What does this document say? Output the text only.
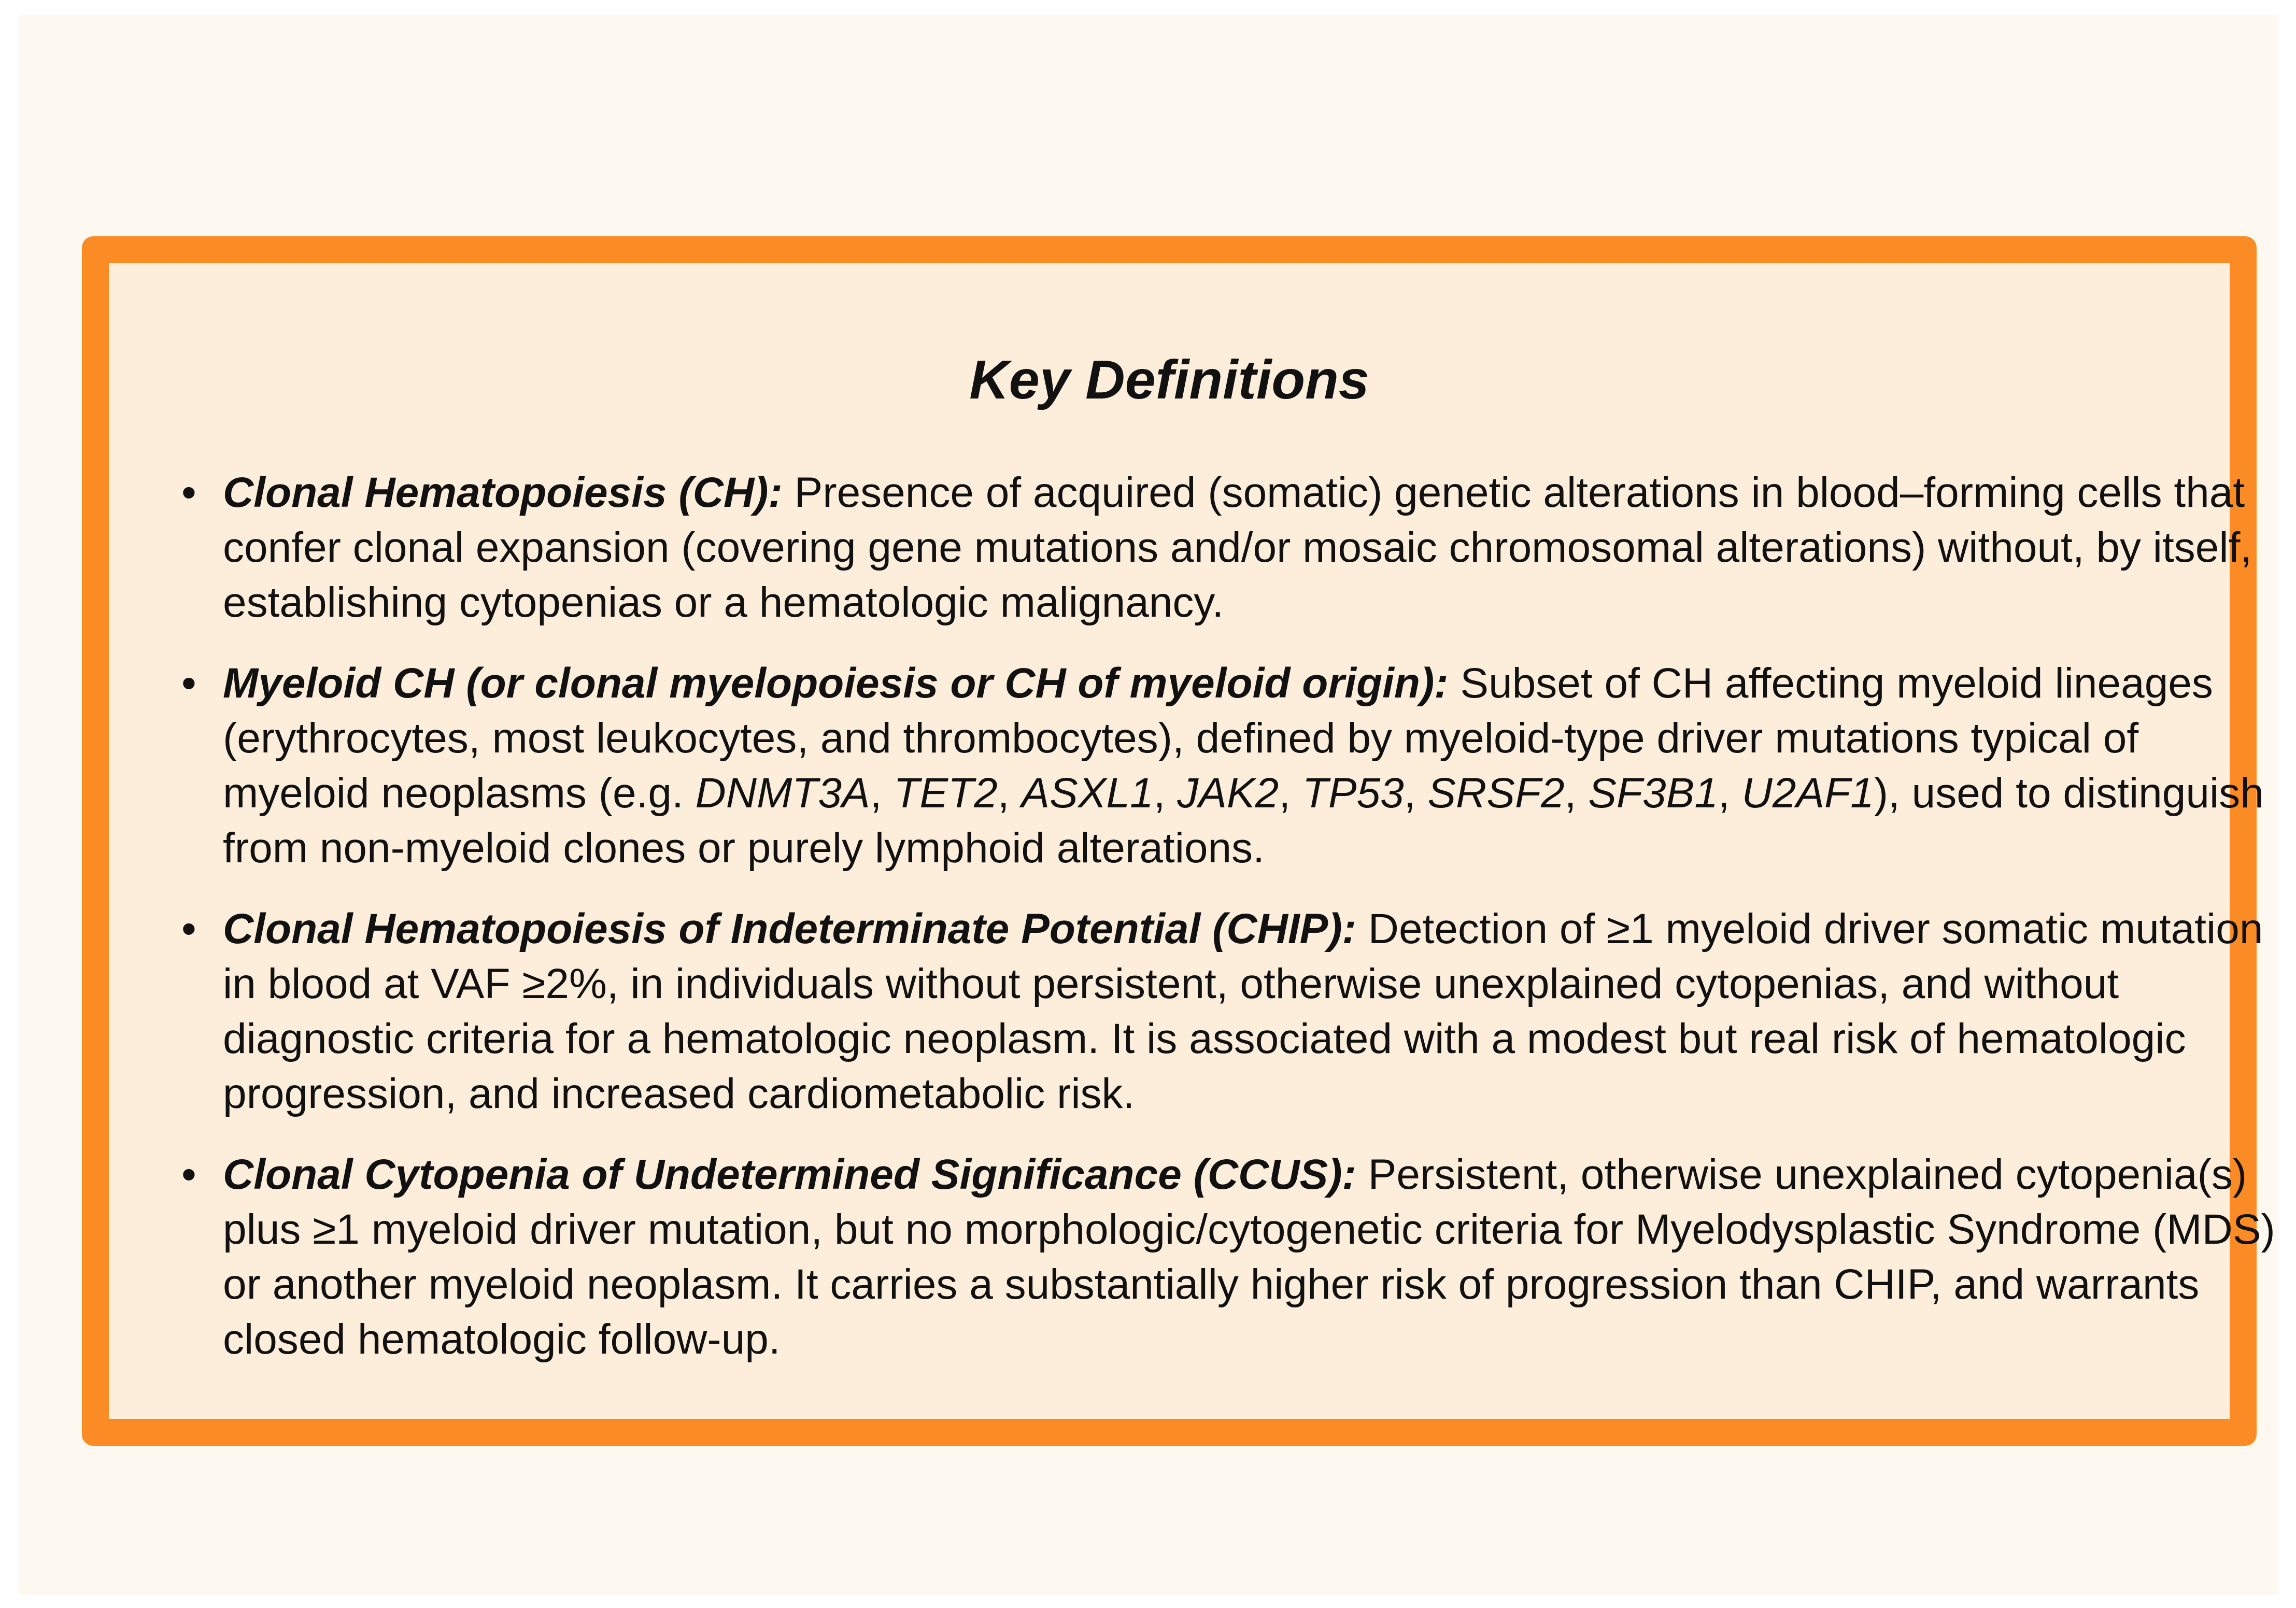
Key Definitions
• Clonal Hematopoiesis (CH): Presence of acquired (somatic) genetic alterations in blood–forming cells that confer clonal expansion (covering gene mutations and/or mosaic chromosomal alterations) without, by itself, establishing cytopenias or a hematologic malignancy.
• Myeloid CH (or clonal myelopoiesis or CH of myeloid origin): Subset of CH affecting myeloid lineages (erythrocytes, most leukocytes, and thrombocytes), defined by myeloid-type driver mutations typical of myeloid neoplasms (e.g. DNMT3A, TET2, ASXL1, JAK2, TP53, SRSF2, SF3B1, U2AF1), used to distinguish from non-myeloid clones or purely lymphoid alterations.
• Clonal Hematopoiesis of Indeterminate Potential (CHIP): Detection of ≥1 myeloid driver somatic mutation in blood at VAF ≥2%, in individuals without persistent, otherwise unexplained cytopenias, and without diagnostic criteria for a hematologic neoplasm. It is associated with a modest but real risk of hematologic progression, and increased cardiometabolic risk.
• Clonal Cytopenia of Undetermined Significance (CCUS): Persistent, otherwise unexplained cytopenia(s) plus ≥1 myeloid driver mutation, but no morphologic/cytogenetic criteria for Myelodysplastic Syndrome (MDS) or another myeloid neoplasm. It carries a substantially higher risk of progression than CHIP, and warrants closed hematologic follow-up.
